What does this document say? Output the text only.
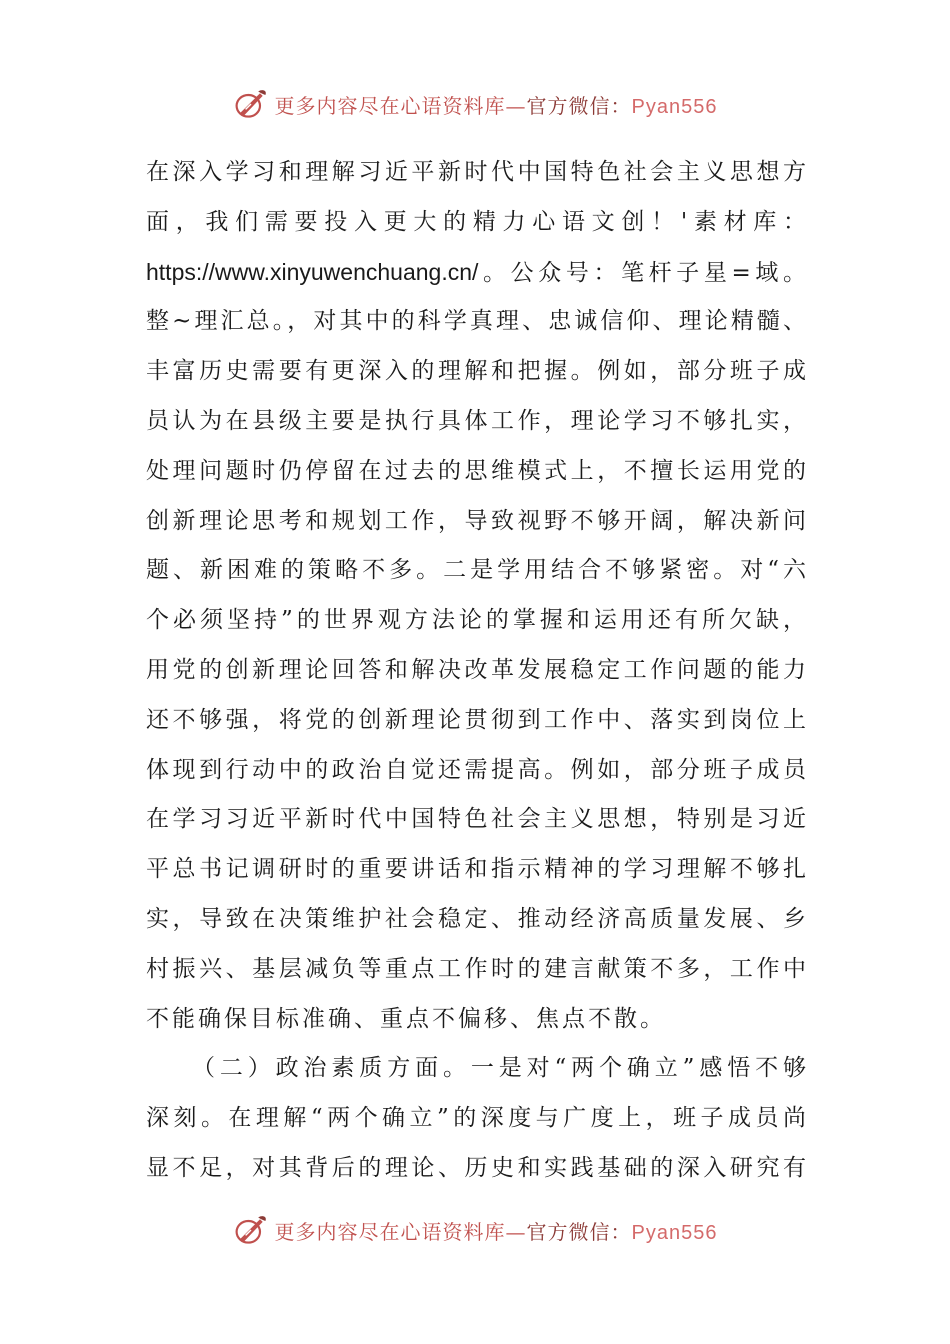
更多内容尽在心语资料库—官方微信：Pyan556
在深入学习和理解习近平新时代中国特色社会主义思想方
面，我们需要投入更大的精力心语文创！'素材库：
https://www.xinyuwenchuang.cn/。公众号：笔杆子星=域。
整~理汇总。，对其中的科学真理、忠诚信仰、理论精髓、
丰富历史需要有更深入的理解和把握。例如，部分班子成
员认为在县级主要是执行具体工作，理论学习不够扎实，
处理问题时仍停留在过去的思维模式上，不擅长运用党的
创新理论思考和规划工作，导致视野不够开阔，解决新问
题、新困难的策略不多。二是学用结合不够紧密。对“六
个必须坚持”的世界观方法论的掌握和运用还有所欠缺，
用党的创新理论回答和解决改革发展稳定工作问题的能力
还不够强，将党的创新理论贯彻到工作中、落实到岗位上
体现到行动中的政治自觉还需提高。例如，部分班子成员
在学习习近平新时代中国特色社会主义思想，特别是习近
平总书记调研时的重要讲话和指示精神的学习理解不够扎
实，导致在决策维护社会稳定、推动经济高质量发展、乡
村振兴、基层减负等重点工作时的建言献策不多，工作中
不能确保目标准确、重点不偏移、焦点不散。
（二）政治素质方面。一是对“两个确立”感悟不够
深刻。在理解“两个确立”的深度与广度上，班子成员尚
显不足，对其背后的理论、历史和实践基础的深入研究有
更多内容尽在心语资料库—官方微信：Pyan556
